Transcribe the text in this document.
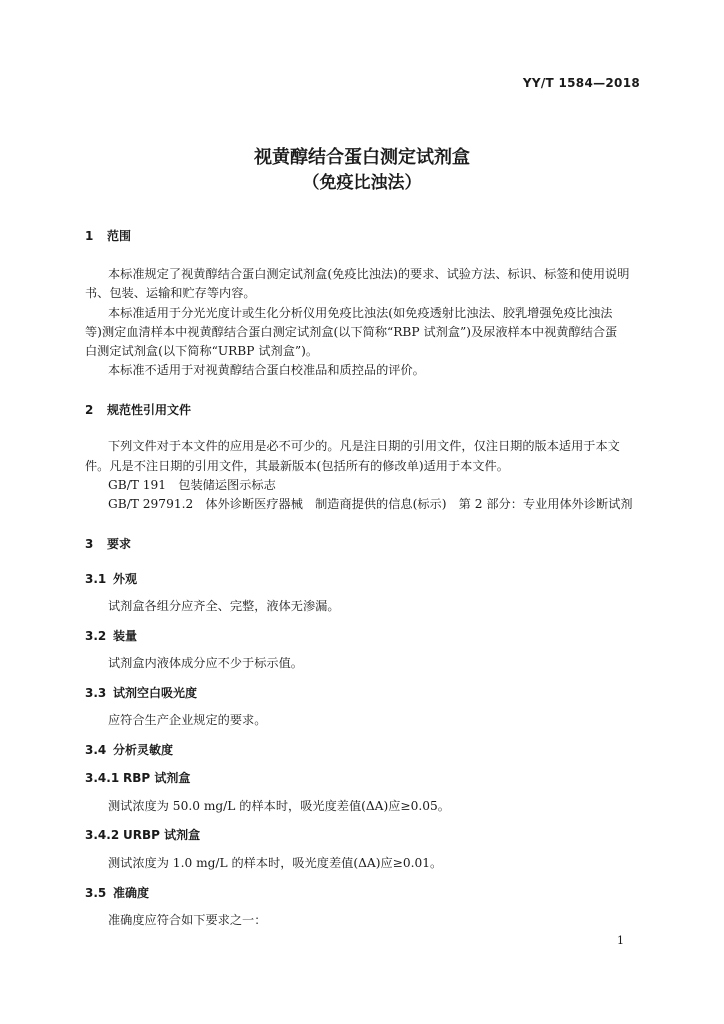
YY/T 1584—2018
视黄醇结合蛋白测定试剂盒
（免疫比浊法）
1 范围
本标准规定了视黄醇结合蛋白测定试剂盒(免疫比浊法)的要求、试验方法、标识、标签和使用说明
书、包装、运输和贮存等内容。
本标准适用于分光光度计或生化分析仪用免疫比浊法(如免疫透射比浊法、胶乳增强免疫比浊法
等)测定血清样本中视黄醇结合蛋白测定试剂盒(以下简称“RBP 试剂盒”)及尿液样本中视黄醇结合蛋
白测定试剂盒(以下简称“URBP 试剂盒”)。
本标准不适用于对视黄醇结合蛋白校准品和质控品的评价。
2 规范性引用文件
下列文件对于本文件的应用是必不可少的。凡是注日期的引用文件，仅注日期的版本适用于本文
件。凡是不注日期的引用文件，其最新版本(包括所有的修改单)适用于本文件。
GB/T 191　包装储运图示标志
GB/T 29791.2　体外诊断医疗器械　制造商提供的信息(标示)　第 2 部分：专业用体外诊断试剂
3 要求
3.1 外观
试剂盒各组分应齐全、完整，液体无渗漏。
3.2 装量
试剂盒内液体成分应不少于标示值。
3.3 试剂空白吸光度
应符合生产企业规定的要求。
3.4 分析灵敏度
3.4.1 RBP 试剂盒
测试浓度为 50.0 mg/L 的样本时，吸光度差值(ΔA)应≥0.05。
3.4.2 URBP 试剂盒
测试浓度为 1.0 mg/L 的样本时，吸光度差值(ΔA)应≥0.01。
3.5 准确度
准确度应符合如下要求之一：
1
